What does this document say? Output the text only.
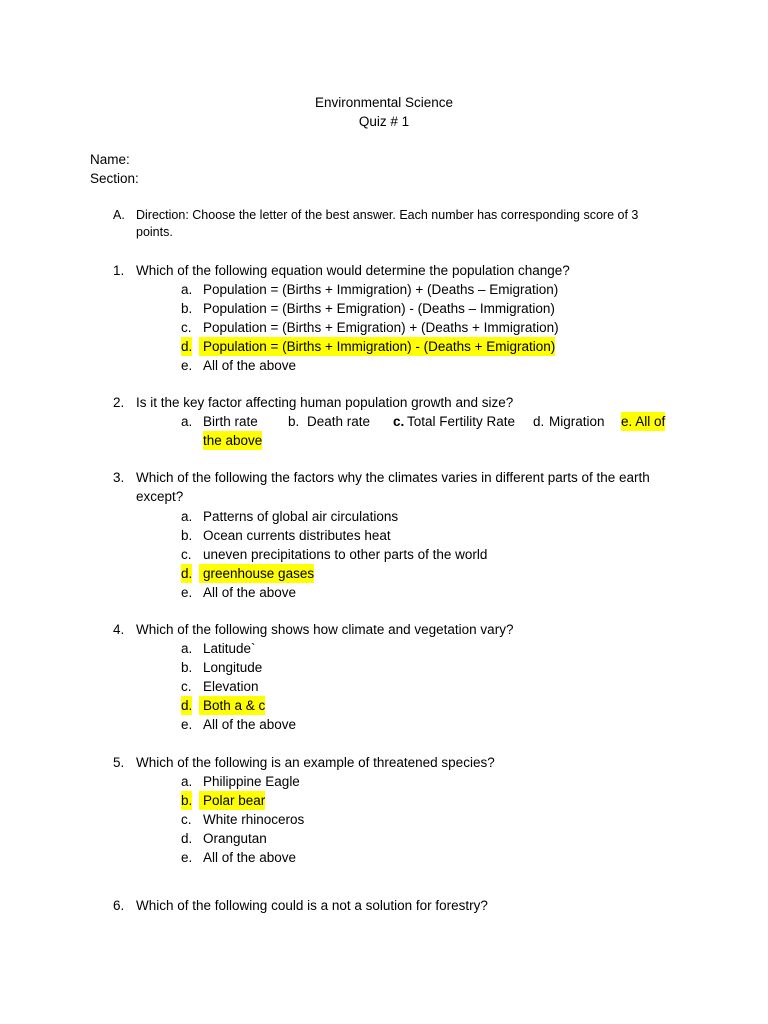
Environmental Science
Quiz # 1
Name:
Section:
A. Direction: Choose the letter of the best answer. Each number has corresponding score of 3 points.
1. Which of the following equation would determine the population change?
a. Population = (Births + Immigration) + (Deaths – Emigration)
b. Population = (Births + Emigration) - (Deaths – Immigration)
c. Population = (Births + Emigration) + (Deaths + Immigration)
d. Population = (Births + Immigration) - (Deaths + Emigration)
e. All of the above
2. Is it the key factor affecting human population growth and size?
a. Birth rate b. Death rate c. Total Fertility Rate d. Migration e. All of
the above
3. Which of the following the factors why the climates varies in different parts of the earth except?
a. Patterns of global air circulations
b. Ocean currents distributes heat
c. uneven precipitations to other parts of the world
d. greenhouse gases
e. All of the above
4. Which of the following shows how climate and vegetation vary?
a. Latitude`
b. Longitude
c. Elevation
d. Both a & c
e. All of the above
5. Which of the following is an example of threatened species?
a. Philippine Eagle
b. Polar bear
c. White rhinoceros
d. Orangutan
e. All of the above
6. Which of the following could is a not a solution for forestry?
